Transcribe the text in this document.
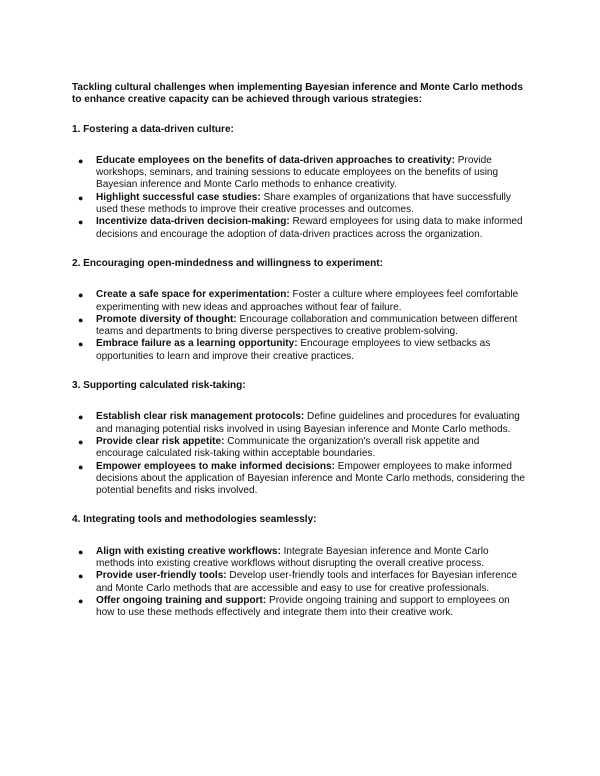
Tackling cultural challenges when implementing Bayesian inference and Monte Carlo methods to enhance creative capacity can be achieved through various strategies:

1. Fostering a data-driven culture:

● Educate employees on the benefits of data-driven approaches to creativity: Provide workshops, seminars, and training sessions to educate employees on the benefits of using Bayesian inference and Monte Carlo methods to enhance creativity.
● Highlight successful case studies: Share examples of organizations that have successfully used these methods to improve their creative processes and outcomes.
● Incentivize data-driven decision-making: Reward employees for using data to make informed decisions and encourage the adoption of data-driven practices across the organization.

2. Encouraging open-mindedness and willingness to experiment:

● Create a safe space for experimentation: Foster a culture where employees feel comfortable experimenting with new ideas and approaches without fear of failure.
● Promote diversity of thought: Encourage collaboration and communication between different teams and departments to bring diverse perspectives to creative problem-solving.
● Embrace failure as a learning opportunity: Encourage employees to view setbacks as opportunities to learn and improve their creative practices.

3. Supporting calculated risk-taking:

● Establish clear risk management protocols: Define guidelines and procedures for evaluating and managing potential risks involved in using Bayesian inference and Monte Carlo methods.
● Provide clear risk appetite: Communicate the organization's overall risk appetite and encourage calculated risk-taking within acceptable boundaries.
● Empower employees to make informed decisions: Empower employees to make informed decisions about the application of Bayesian inference and Monte Carlo methods, considering the potential benefits and risks involved.

4. Integrating tools and methodologies seamlessly:

● Align with existing creative workflows: Integrate Bayesian inference and Monte Carlo methods into existing creative workflows without disrupting the overall creative process.
● Provide user-friendly tools: Develop user-friendly tools and interfaces for Bayesian inference and Monte Carlo methods that are accessible and easy to use for creative professionals.
● Offer ongoing training and support: Provide ongoing training and support to employees on how to use these methods effectively and integrate them into their creative work.
